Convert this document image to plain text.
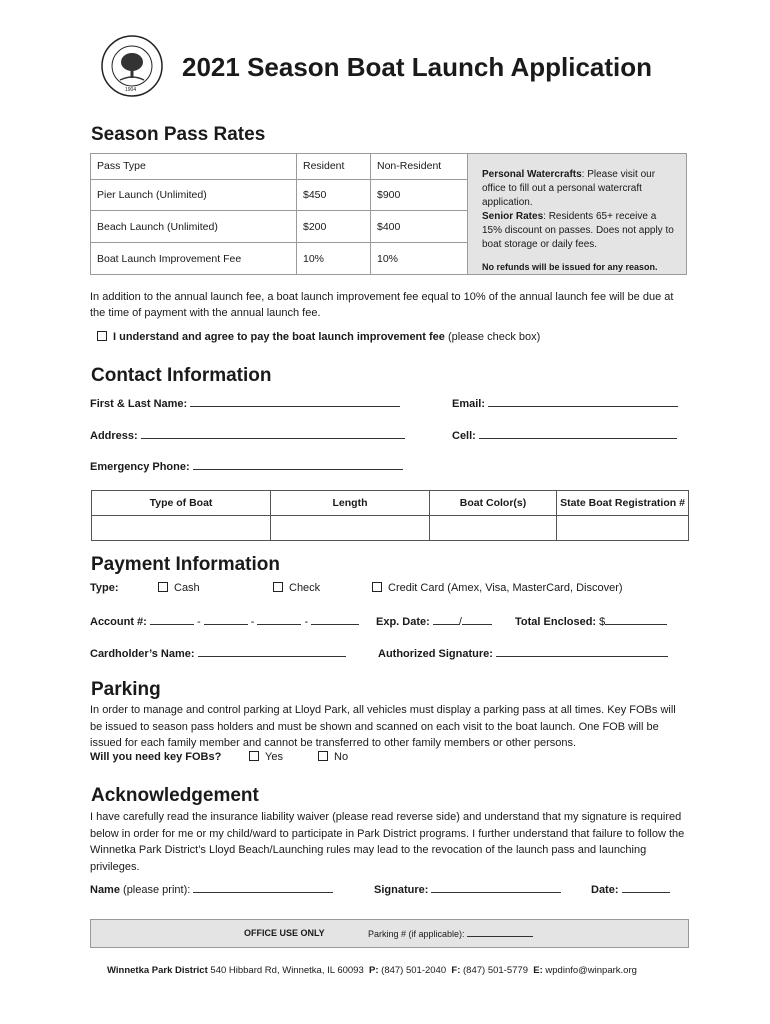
1904
2021 Season Boat Launch Application
Season Pass Rates
Pass Type	Resident	Non-Resident	Personal Watercrafts: Please visit our office to fill out a personal watercraft application.
Senior Rates: Residents 65+ receive a 15% discount on passes. Does not apply to boat storage or daily fees.
No refunds will be issued for any reason.

Pier Launch (Unlimited)	$450	$900	
Beach Launch (Unlimited)	$200	$400	
Boat Launch Improvement Fee	10%	10%	
In addition to the annual launch fee, a boat launch improvement fee equal to 10% of the annual launch fee will be due at the time of payment with the annual launch fee.
I understand and agree to pay the boat launch improvement fee (please check box)
Contact Information
First & Last Name:	Email:
Address:	Cell:
Emergency Phone:
Type of Boat	Length	Boat Color(s)	State Boat Registration #

Payment Information
Type:	Cash	Check	Credit Card (Amex, Visa, MasterCard, Discover)
Account #:	-	-	-	Exp. Date:	/	Total Enclosed: $
Cardholder’s Name:	Authorized Signature:
Parking
In order to manage and control parking at Lloyd Park, all vehicles must display a parking pass at all times. Key FOBs will be issued to season pass holders and must be shown and scanned on each visit to the boat launch. One FOB will be issued for each family member and cannot be transferred to other family members or other persons.
Will you need key FOBs?	Yes	No
Acknowledgement
I have carefully read the insurance liability waiver (please read reverse side) and understand that my signature is required below in order for me or my child/ward to participate in Park District programs. I further understand that failure to follow the Winnetka Park District’s Lloyd Beach/Launching rules may lead to the revocation of the launch pass and launching privileges.
Name (please print):	Signature:	Date:
OFFICE USE ONLY	Parking # (if applicable):
Winnetka Park District 540 Hibbard Rd, Winnetka, IL 60093 P: (847) 501-2040 F: (847) 501-5779 E: wpdinfo@winpark.org
